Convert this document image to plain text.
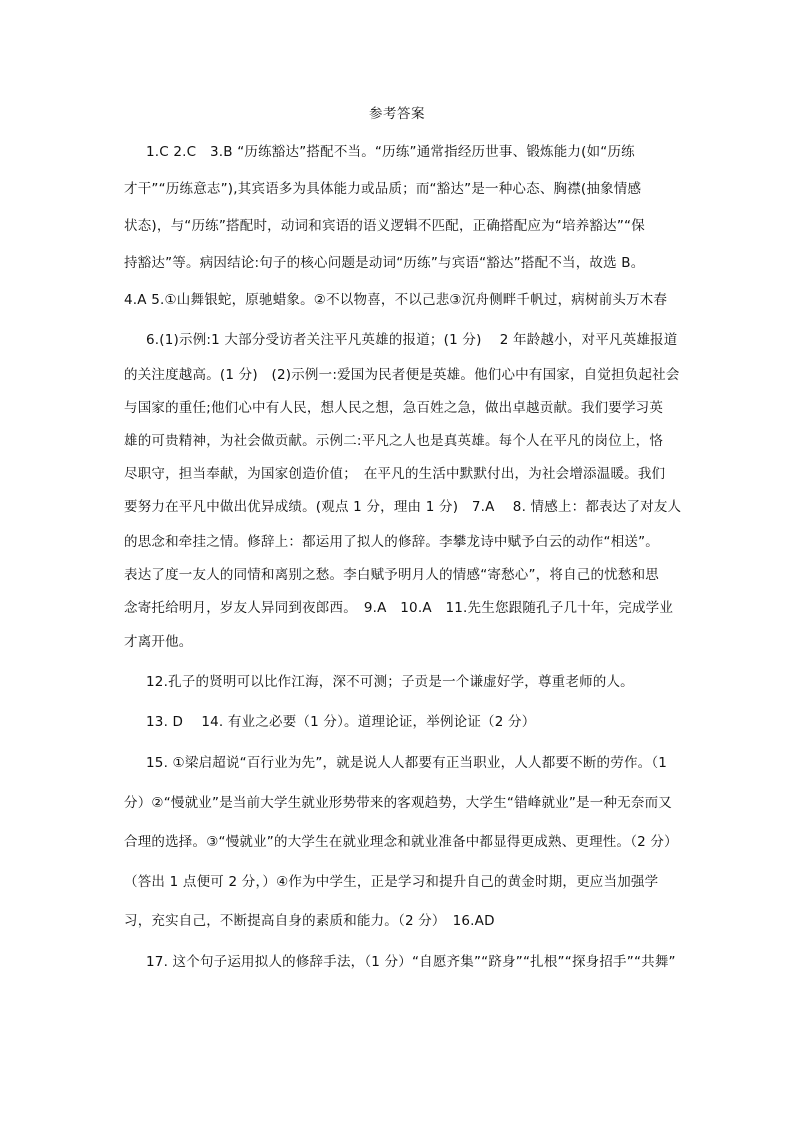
参考答案
1.C 2.C　3.B “历练豁达”搭配不当。“历练”通常指经历世事、锻炼能力(如“历练
才干”“历练意志”),其宾语多为具体能力或品质；而“豁达”是一种心态、胸襟(抽象情感
状态)，与“历练”搭配时，动词和宾语的语义逻辑不匹配，正确搭配应为“培养豁达”“保
持豁达”等。病因结论:句子的核心问题是动词“历练”与宾语“豁达”搭配不当，故选 B。
4.A 5.①山舞银蛇，原驰蜡象。②不以物喜，不以己悲③沉舟侧畔千帆过，病树前头万木春
6.(1)示例:1 大部分受访者关注平凡英雄的报道；(1 分)　 2 年龄越小，对平凡英雄报道
的关注度越高。(1 分)　(2)示例一:爱国为民者便是英雄。他们心中有国家，自觉担负起社会
与国家的重任;他们心中有人民，想人民之想，急百姓之急，做出卓越贡献。我们要学习英
雄的可贵精神，为社会做贡献。示例二:平凡之人也是真英雄。每个人在平凡的岗位上，恪
尽职守，担当奉献，为国家创造价值；　在平凡的生活中默默付出，为社会增添温暖。我们
要努力在平凡中做出优异成绩。(观点 1 分，理由 1 分)　7.A　 8. 情感上：都表达了对友人
的思念和牵挂之情。修辞上：都运用了拟人的修辞。李攀龙诗中赋予白云的动作“相送”。
表达了度一友人的同情和离别之愁。李白赋予明月人的情感“寄愁心”，将自己的忧愁和思
念寄托给明月，岁友人异同到夜郎西。　9.A　10.A　11.先生您跟随孔子几十年，完成学业
才离开他。
12.孔子的贤明可以比作江海，深不可测；子贡是一个谦虚好学，尊重老师的人。
13. D　 14. 有业之必要（1 分）。道理论证，举例论证（2 分）
15. ①梁启超说“百行业为先”，就是说人人都要有正当职业，人人都要不断的劳作。（1
分）②“慢就业”是当前大学生就业形势带来的客观趋势，大学生“错峰就业”是一种无奈而又
合理的选择。③“慢就业”的大学生在就业理念和就业准备中都显得更成熟、更理性。（2 分）
（答出 1 点便可 2 分，）④作为中学生，正是学习和提升自己的黄金时期，更应当加强学
习，充实自己，不断提高自身的素质和能力。（2 分）　16.AD
17. 这个句子运用拟人的修辞手法，（1 分）“自愿齐集”“跻身”“扎根”“探身招手”“共舞”
